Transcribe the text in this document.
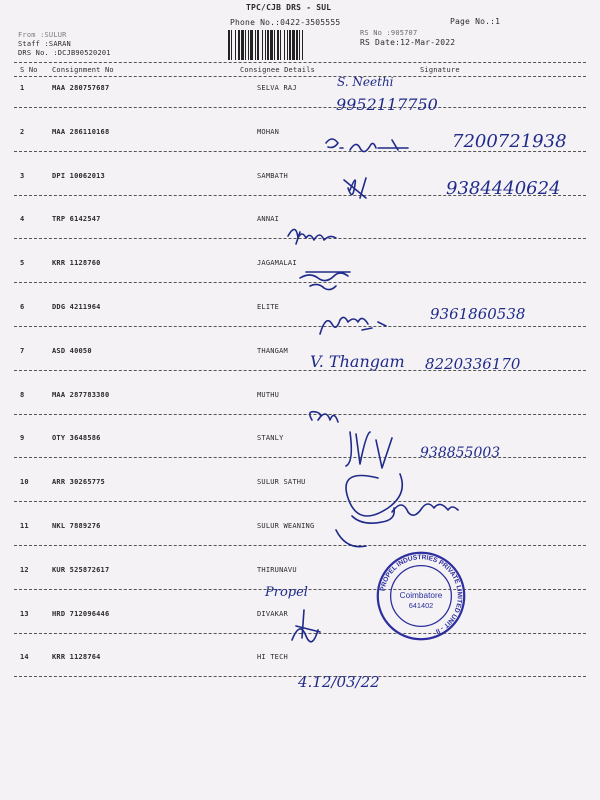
TPC/CJB DRS - SUL
Phone No.:0422-3505555	Page No.:1
RS No :905707
RS Date:12-Mar-2022
From :SULUR
Staff :SARAN
DRS No. :DCJB90520201
S No Consignment No	Consignee Details	Signature
1	MAA 280757687	SELVA RAJ
2	MAA 286110168	MOHAN
3	DPI 10062013	SAMBATH
4	TRP 6142547	ANNAI
5	KRR 1128760	JAGAMALAI
6	DDG 4211964	ELITE
7	ASD 40050	THANGAM
8	MAA 287783380	MUTHU
9	OTY 3648586	STANLY
10	ARR 30265775	SULUR SATHU
11	NKL 7889276	SULUR WEANING
12	KUR 525872617	THIRUNAVU
13	HRD 712096446	DIVAKAR
14	KRR 1128764	HI TECH
S. Neethi
9952117750
7200721938
9384440624
9361860538
V. Thangam 8220336170
938855003
Propel
4.12/03/22
PROPEL INDUSTRIES PRIVATE LIMITED UNIT - II
Coimbatore
641402
